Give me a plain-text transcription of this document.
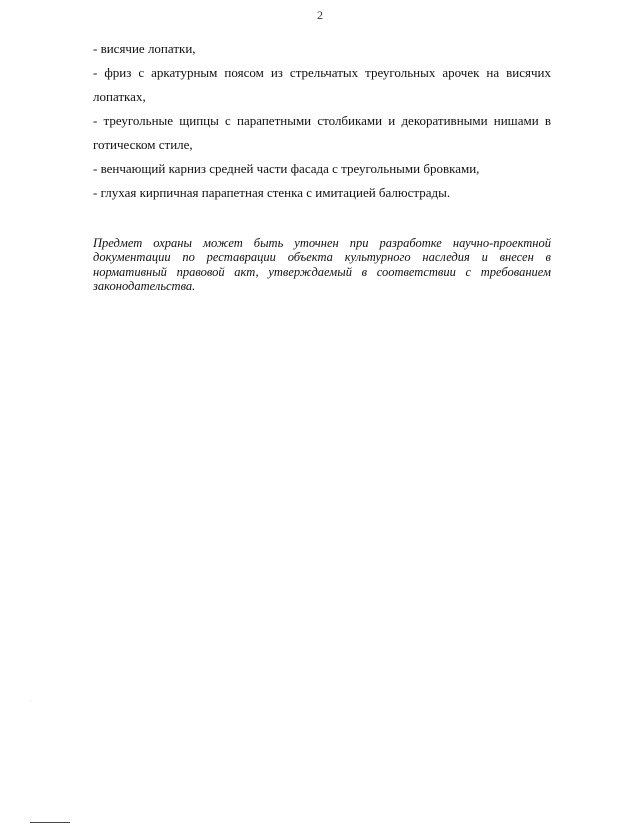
2

- висячие лопатки,

- фриз с аркатурным поясом из стрельчатых треугольных арочек на висячих лопатках,

- треугольные щипцы с парапетными столбиками и декоративными нишами в готическом стиле,

- венчающий карниз средней части фасада с треугольными бровками,

- глухая кирпичная парапетная стенка с имитацией балюстрады.

Предмет охраны может быть уточнен при разработке научно-проектной документации по реставрации объекта культурного наследия и внесен в нормативный правовой акт, утверждаемый в соответствии с требованием законодательства.
